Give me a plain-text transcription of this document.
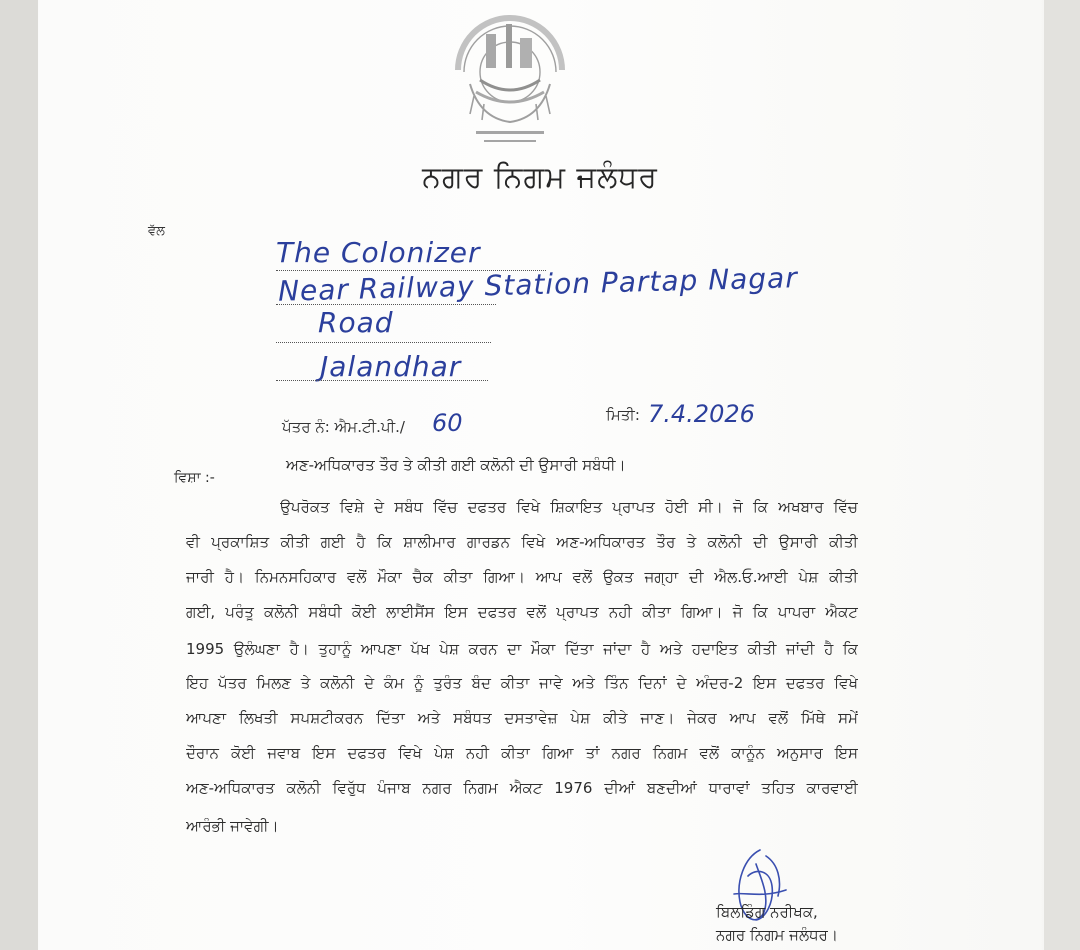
ਨਗਰ ਨਿਗਮ ਜਲੰਧਰ
ਵੱਲ
The Colonizer
Near Railway Station Partap Nagar
Road
Jalandhar
ਪੱਤਰ ਨੰ: ਐਮ.ਟੀ.ਪੀ./ 60	ਮਿਤੀ: 7.4.2026
ਵਿਸ਼ਾ :-
ਅਣ-ਅਧਿਕਾਰਤ ਤੌਰ ਤੇ ਕੀਤੀ ਗਈ ਕਲੋਨੀ ਦੀ ਉਸਾਰੀ ਸਬੰਧੀ।
ਉਪਰੋਕਤ ਵਿਸ਼ੇ ਦੇ ਸਬੰਧ ਵਿੱਚ ਦਫਤਰ ਵਿਖੇ ਸ਼ਿਕਾਇਤ ਪ੍ਰਾਪਤ ਹੋਈ ਸੀ। ਜੋ ਕਿ ਅਖਬਾਰ ਵਿੱਚ
ਵੀ ਪ੍ਰਕਾਸ਼ਿਤ ਕੀਤੀ ਗਈ ਹੈ ਕਿ ਸ਼ਾਲੀਮਾਰ ਗਾਰਡਨ ਵਿਖੇ ਅਣ-ਅਧਿਕਾਰਤ ਤੌਰ ਤੇ ਕਲੋਨੀ ਦੀ ਉਸਾਰੀ ਕੀਤੀ
ਜਾਰੀ ਹੈ। ਨਿਮਨਸਹਿਕਾਰ ਵਲੋਂ ਮੌਕਾ ਚੈਕ ਕੀਤਾ ਗਿਆ। ਆਪ ਵਲੋਂ ਉਕਤ ਜਗ੍ਹਾ ਦੀ ਐਲ.ਓ.ਆਈ ਪੇਸ਼ ਕੀਤੀ
ਗਈ, ਪਰੰਤੂ ਕਲੋਨੀ ਸਬੰਧੀ ਕੋਈ ਲਾਈਸੈਂਸ ਇਸ ਦਫਤਰ ਵਲੋਂ ਪ੍ਰਾਪਤ ਨਹੀ ਕੀਤਾ ਗਿਆ। ਜੋ ਕਿ ਪਾਪਰਾ ਐਕਟ
1995 ਉਲੰਘਣਾ ਹੈ। ਤੁਹਾਨੂੰ ਆਪਣਾ ਪੱਖ ਪੇਸ਼ ਕਰਨ ਦਾ ਮੌਕਾ ਦਿੱਤਾ ਜਾਂਦਾ ਹੈ ਅਤੇ ਹਦਾਇਤ ਕੀਤੀ ਜਾਂਦੀ ਹੈ ਕਿ
ਇਹ ਪੱਤਰ ਮਿਲਣ ਤੇ ਕਲੋਨੀ ਦੇ ਕੰਮ ਨੂੰ ਤੁਰੰਤ ਬੰਦ ਕੀਤਾ ਜਾਵੇ ਅਤੇ ਤਿੰਨ ਦਿਨਾਂ ਦੇ ਅੰਦਰ-2 ਇਸ ਦਫਤਰ ਵਿਖੇ
ਆਪਣਾ ਲਿਖਤੀ ਸਪਸ਼ਟੀਕਰਨ ਦਿੱਤਾ ਅਤੇ ਸਬੰਧਤ ਦਸਤਾਵੇਜ਼ ਪੇਸ਼ ਕੀਤੇ ਜਾਣ। ਜੇਕਰ ਆਪ ਵਲੋਂ ਮਿੱਥੇ ਸਮੇਂ
ਦੌਰਾਨ ਕੋਈ ਜਵਾਬ ਇਸ ਦਫਤਰ ਵਿਖੇ ਪੇਸ਼ ਨਹੀ ਕੀਤਾ ਗਿਆ ਤਾਂ ਨਗਰ ਨਿਗਮ ਵਲੋਂ ਕਾਨੂੰਨ ਅਨੁਸਾਰ ਇਸ
ਅਣ-ਅਧਿਕਾਰਤ ਕਲੋਨੀ ਵਿਰੁੱਧ ਪੰਜਾਬ ਨਗਰ ਨਿਗਮ ਐਕਟ 1976 ਦੀਆਂ ਬਣਦੀਆਂ ਧਾਰਾਵਾਂ ਤਹਿਤ ਕਾਰਵਾਈ
ਆਰੰਭੀ ਜਾਵੇਗੀ।
ਬਿਲਡਿੰਗ ਨਰੀਖਕ,
ਨਗਰ ਨਿਗਮ ਜਲੰਧਰ।
